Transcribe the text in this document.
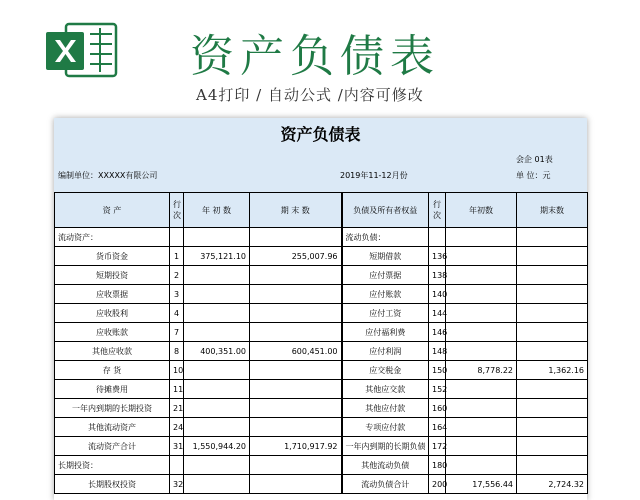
资产负债表
A4打印 / 自动公式 /内容可修改
资产负债表
会企 01表
编制单位：XXXXX有限公司	2019年11-12月份	单 位：元
资 产	行次	年 初 数	期 末 数	负债及所有者权益	行次	年初数	期末数
流动资产：				流动负债：			
货币资金	1	375,121.10	255,007.96	短期借款	136		
短期投资	2			应付票据	138		
应收票据	3			应付账款	140		
应收股利	4			应付工资	144		
应收账款	7			应付福利费	146		
其他应收款	8	400,351.00	600,451.00	应付利润	148		
存 货	10			应交税金	150	8,778.22	1,362.16
待摊费用	11			其他应交款	152		
一年内到期的长期投资	21			其他应付款	160		
其他流动资产	24			专项应付款	164		
流动资产合计	31	1,550,944.20	1,710,917.92	一年内到期的长期负债	172		
长期投资：				其他流动负债	180		
长期股权投资	32			流动负债合计	200	17,556.44	2,724.32
